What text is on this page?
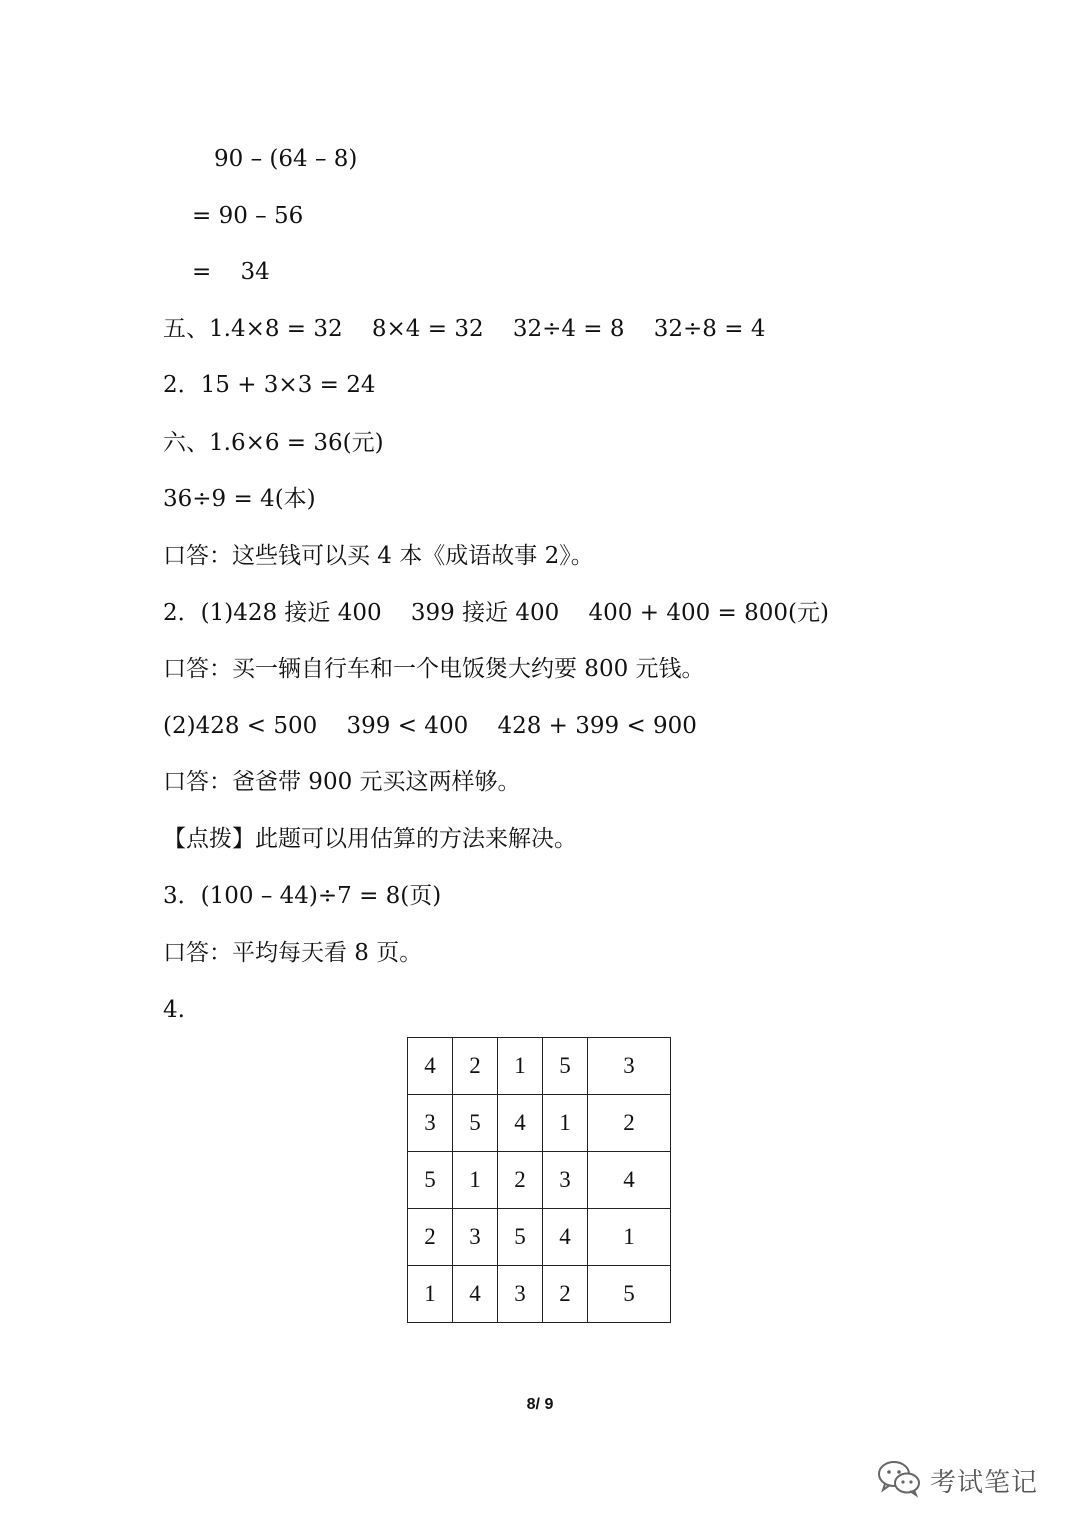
90 – (64 – 8)
= 90 – 56
=    34
五、1.4×8 = 32    8×4 = 32    32÷4 = 8    32÷8 = 4
2．15 + 3×3 = 24
六、1.6×6 = 36(元)
36÷9 = 4(本)
口答：这些钱可以买 4 本《成语故事 2》。
2．(1)428 接近 400    399 接近 400    400 + 400 = 800(元)
口答：买一辆自行车和一个电饭煲大约要 800 元钱。
(2)428 < 500    399 < 400    428 + 399 < 900
口答：爸爸带 900 元买这两样够。
【点拨】此题可以用估算的方法来解决。
3．(100 – 44)÷7 = 8(页)
口答：平均每天看 8 页。
4.
4	2	1	5	3
3	5	4	1	2
5	1	2	3	4
2	3	5	4	1
1	4	3	2	5
8/ 9
考试笔记
